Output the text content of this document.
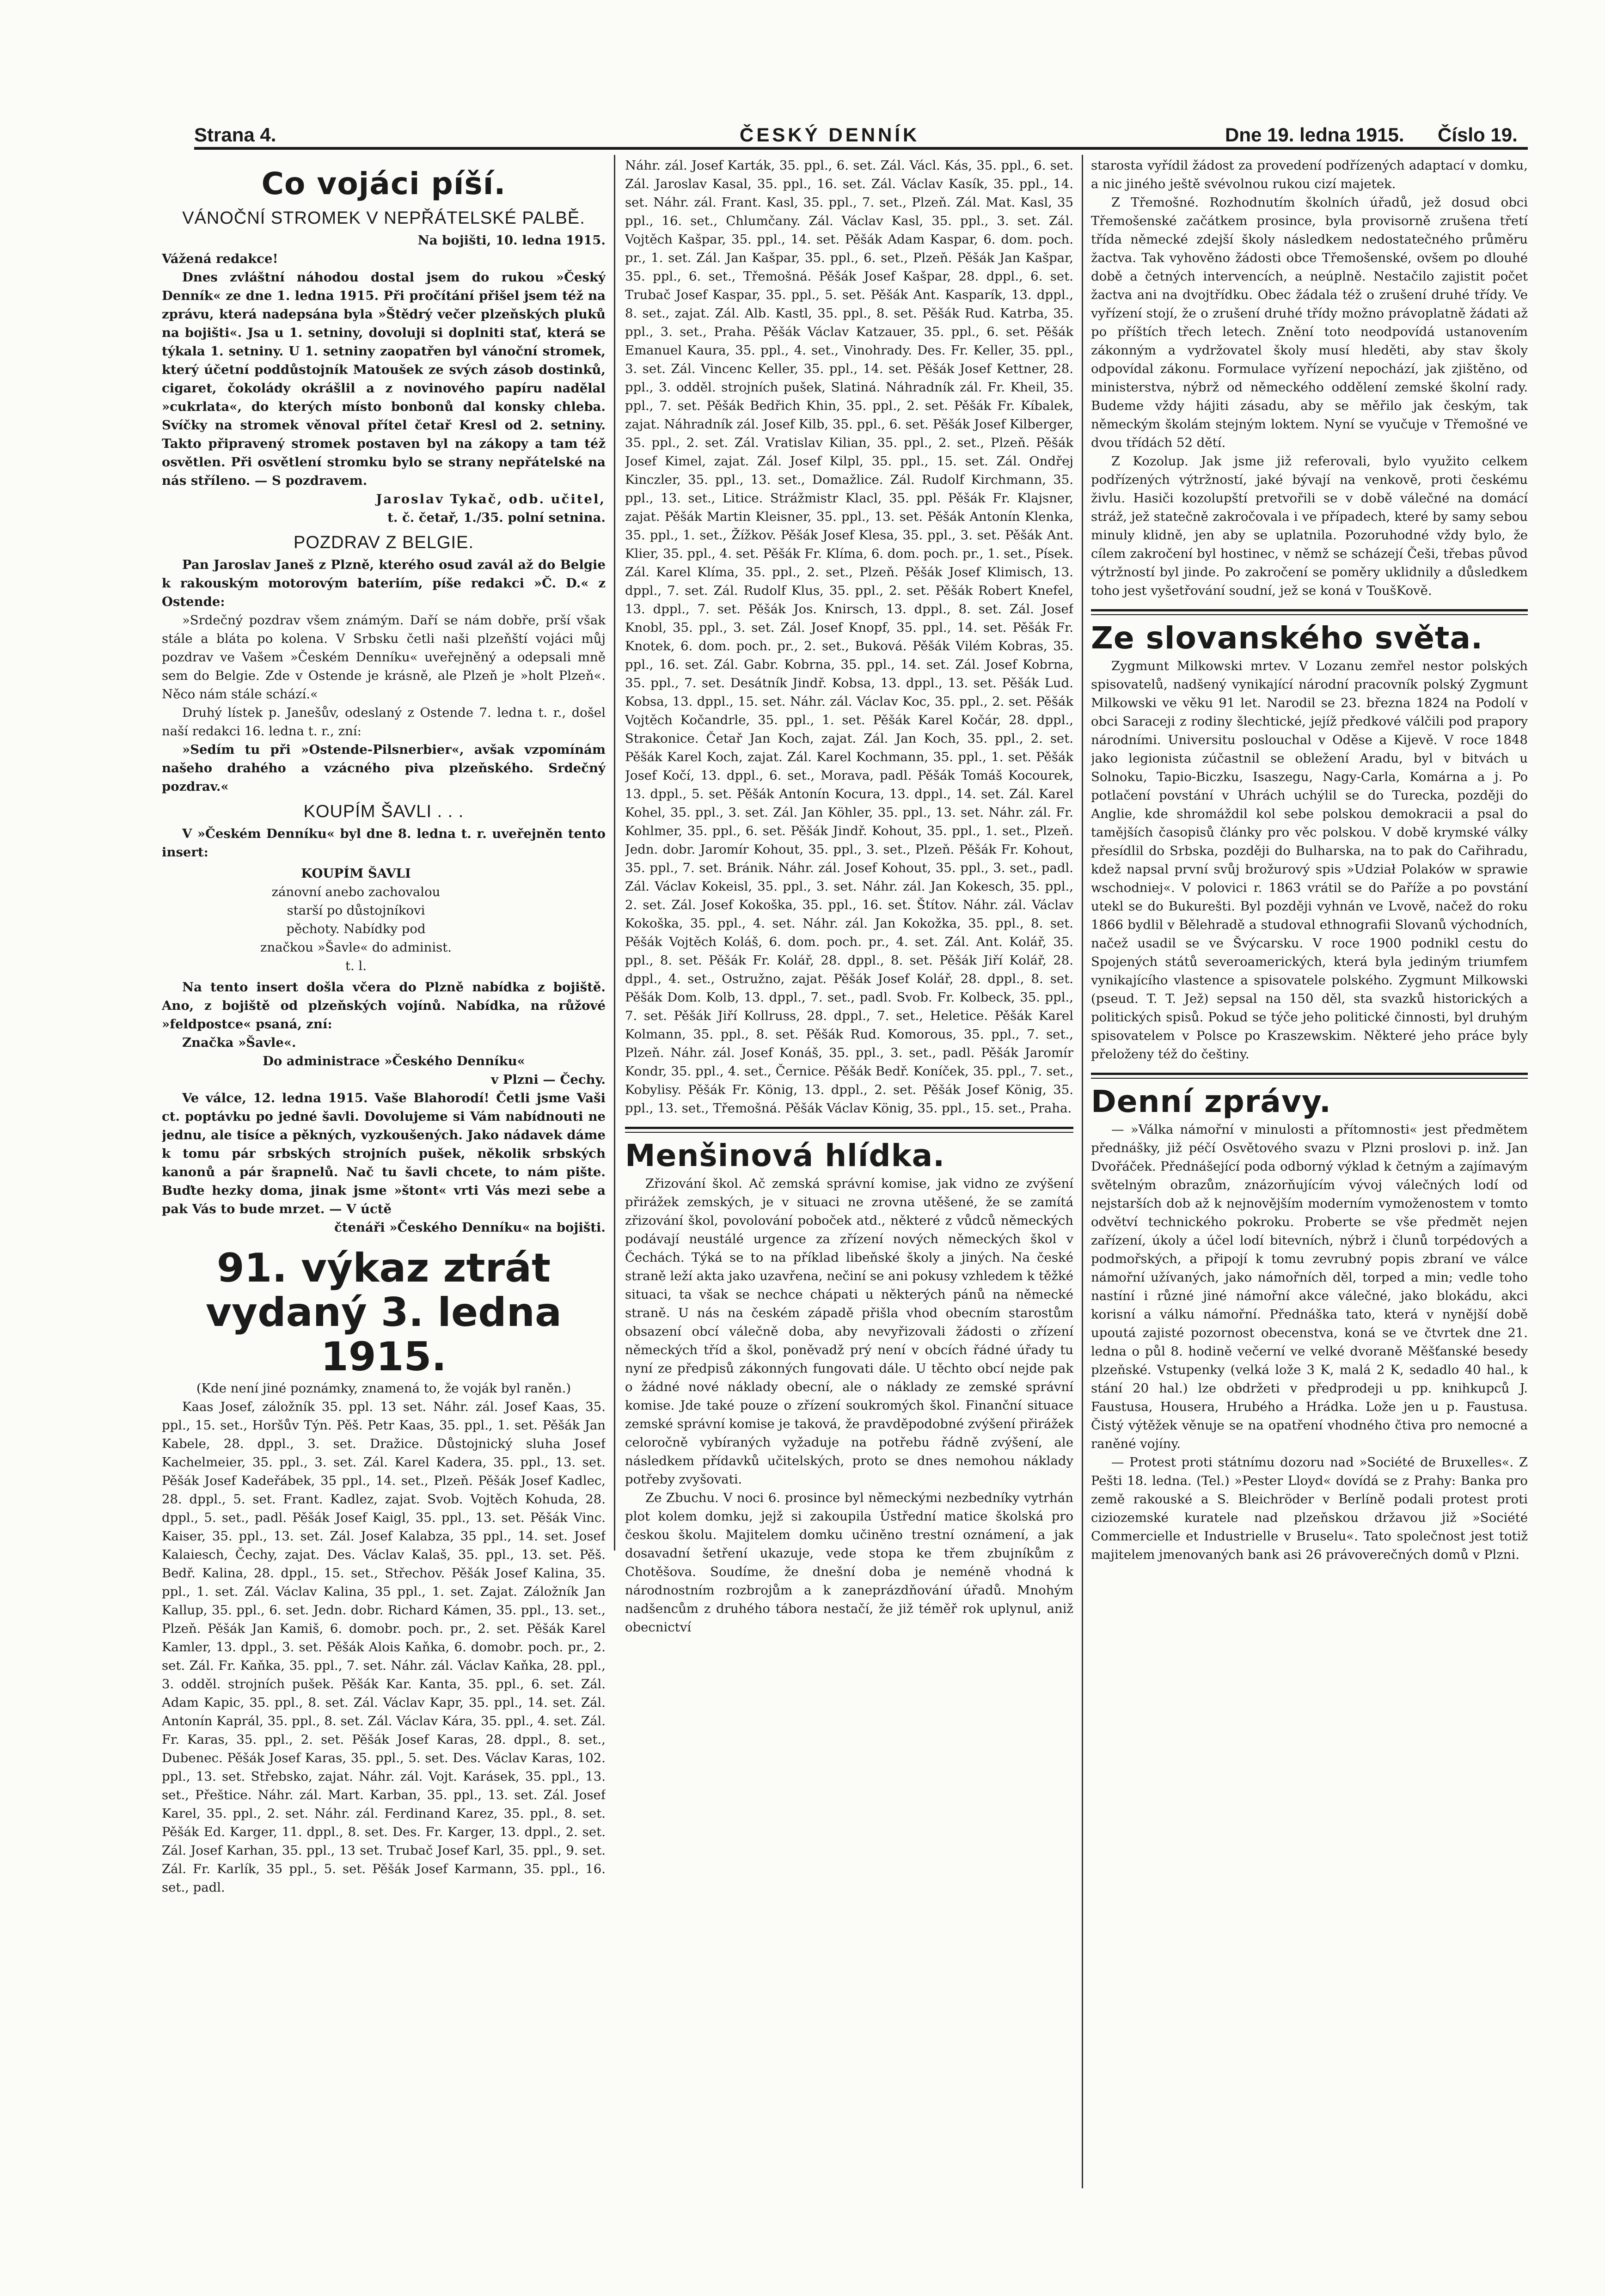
Strana 4.	ČESKÝ DENNÍK	Dne 19. ledna 1915. Číslo 19.
Co vojáci píší.
VÁNOČNÍ STROMEK V NEPŘÁTELSKÉ PALBĚ.

Na bojišti, 10. ledna 1915.

Vážená redakce!

Dnes zvláštní náhodou dostal jsem do rukou »Český Denník« ze dne 1. ledna 1915. Při pročítání přišel jsem též na zprávu, která nadepsána byla »Štědrý večer plzeňských pluků na bojišti«. Jsa u 1. setniny, dovoluji si doplniti stať, která se týkala 1. setniny. U 1. setniny zaopatřen byl vánoční stromek, který účetní poddůstojník Matoušek ze svých zásob dostinků, cigaret, čokolády okrášlil a z novinového papíru nadělal »cukrlata«, do kterých místo bonbonů dal konsky chleba. Svíčky na stromek věnoval přítel četař Kresl od 2. setniny. Takto připravený stromek postaven byl na zákopy a tam též osvětlen. Při osvětlení stromku bylo se strany nepřátelské na nás stříleno. — S pozdravem.

Jaroslav Tykač, odb. učitel,

t. č. četař, 1./35. polní setnina.

POZDRAV Z BELGIE.

Pan Jaroslav Janeš z Plzně, kterého osud zavál až do Belgie k rakouským motorovým bateriím, píše redakci »Č. D.« z Ostende:

»Srdečný pozdrav všem známým. Daří se nám dobře, prší však stále a bláta po kolena. V Srbsku četli naši plzeňští vojáci můj pozdrav ve Vašem »Českém Denníku« uveřejněný a odepsali mně sem do Belgie. Zde v Ostende je krásně, ale Plzeň je »holt Plzeň«. Něco nám stále schází.«

Druhý lístek p. Janešův, odeslaný z Ostende 7. ledna t. r., došel naší redakci 16. ledna t. r., zní:

»Sedím tu při »Ostende-Pilsnerbier«, avšak vzpomínám našeho drahého a vzácného piva plzeňského. Srdečný pozdrav.«

KOUPÍM ŠAVLI . . .

V »Českém Denníku« byl dne 8. ledna t. r. uveřejněn tento insert:

KOUPÍM ŠAVLI
zánovní anebo zachovalou starší po důstojníkovi pěchoty. Nabídky pod značkou »Šavle« do administ. t. l.

Na tento insert došla včera do Plzně nabídka z bojiště. Ano, z bojiště od plzeňských vojínů. Nabídka, na růžové »feldpostce« psaná, zní:

Značka »Šavle«.

Do administrace »Českého Denníku«

v Plzni — Čechy.

Ve válce, 12. ledna 1915. Vaše Blahorodí! Četli jsme Vaši ct. poptávku po jedné šavli. Dovolujeme si Vám nabídnouti ne jednu, ale tisíce a pěkných, vyzkoušených. Jako nádavek dáme k tomu pár srbských strojních pušek, několik srbských kanonů a pár šrapnelů. Nač tu šavli chcete, to nám pište. Buďte hezky doma, jinak jsme »štont« vrti Vás mezi sebe a pak Vás to bude mrzet. — V úctě

čtenáři »Českého Denníku« na bojišti.

91. výkaz ztrát vydaný 3. ledna 1915.

(Kde není jiné poznámky, znamená to, že voják byl raněn.)

Kaas Josef, záložník 35. ppl. 13 set. Náhr. zál. Josef Kaas, 35. ppl., 15. set., Horšův Týn. Pěš. Petr Kaas, 35. ppl., 1. set. Pěšák Jan Kabele, 28. dppl., 3. set. Dražice. Důstojnický sluha Josef Kachelmeier, 35. ppl., 3. set. Zál. Karel Kadera, 35. ppl., 13. set. Pěšák Josef Kadeřábek, 35 ppl., 14. set., Plzeň. Pěšák Josef Kadlec, 28. dppl., 5. set. Frant. Kadlez, zajat. Svob. Vojtěch Kohuda, 28. dppl., 5. set., padl. Pěšák Josef Kaigl, 35. ppl., 13. set. Pěšák Vinc. Kaiser, 35. ppl., 13. set. Zál. Josef Kalabza, 35 ppl., 14. set. Josef Kalaiesch, Čechy, zajat. Des. Václav Kalaš, 35. ppl., 13. set. Pěš. Bedř. Kalina, 28. dppl., 15. set., Střechov. Pěšák Josef Kalina, 35. ppl., 1. set. Zál. Václav Kalina, 35 ppl., 1. set. Zajat. Záložník Jan Kallup, 35. ppl., 6. set. Jedn. dobr. Richard Kámen, 35. ppl., 13. set., Plzeň. Pěšák Jan Kamiš, 6. domobr. poch. pr., 2. set. Pěšák Karel Kamler, 13. dppl., 3. set. Pěšák Alois Kaňka, 6. domobr. poch. pr., 2. set. Zál. Fr. Kaňka, 35. ppl., 7. set. Náhr. zál. Václav Kaňka, 28. ppl., 3. odděl. strojních pušek. Pěšák Kar. Kanta, 35. ppl., 6. set. Zál. Adam Kapic, 35. ppl., 8. set. Zál. Václav Kapr, 35. ppl., 14. set. Zál. Antonín Kaprál, 35. ppl., 8. set. Zál. Václav Kára, 35. ppl., 4. set. Zál. Fr. Karas, 35. ppl., 2. set. Pěšák Josef Karas, 28. dppl., 8. set., Dubenec. Pěšák Josef Karas, 35. ppl., 5. set. Des. Václav Karas, 102. ppl., 13. set. Střebsko, zajat. Náhr. zál. Vojt. Karásek, 35. ppl., 13. set., Přeštice. Náhr. zál. Mart. Karban, 35. ppl., 13. set. Zál. Josef Karel, 35. ppl., 2. set. Náhr. zál. Ferdinand Karez, 35. ppl., 8. set. Pěšák Ed. Karger, 11. dppl., 8. set. Des. Fr. Karger, 13. dppl., 2. set. Zál. Josef Karhan, 35. ppl., 13 set. Trubač Josef Karl, 35. ppl., 9. set. Zál. Fr. Karlík, 35 ppl., 5. set. Pěšák Josef Karmann, 35. ppl., 16. set., padl.

Náhr. zál. Josef Karták, 35. ppl., 6. set. Zál. Václ. Kás, 35. ppl., 6. set. Zál. Jaroslav Kasal, 35. ppl., 16. set. Zál. Václav Kasík, 35. ppl., 14. set. Náhr. zál. Frant. Kasl, 35. ppl., 7. set., Plzeň. Zál. Mat. Kasl, 35 ppl., 16. set., Chlumčany. Zál. Václav Kasl, 35. ppl., 3. set. Zál. Vojtěch Kašpar, 35. ppl., 14. set. Pěšák Adam Kaspar, 6. dom. poch. pr., 1. set. Zál. Jan Kašpar, 35. ppl., 6. set., Plzeň. Pěšák Jan Kašpar, 35. ppl., 6. set., Třemošná. Pěšák Josef Kašpar, 28. dppl., 6. set. Trubač Josef Kaspar, 35. ppl., 5. set. Pěšák Ant. Kasparík, 13. dppl., 8. set., zajat. Zál. Alb. Kastl, 35. ppl., 8. set. Pěšák Rud. Katrba, 35. ppl., 3. set., Praha. Pěšák Václav Katzauer, 35. ppl., 6. set. Pěšák Emanuel Kaura, 35. ppl., 4. set., Vinohrady. Des. Fr. Keller, 35. ppl., 3. set. Zál. Vincenc Keller, 35. ppl., 14. set. Pěšák Josef Kettner, 28. ppl., 3. odděl. strojních pušek, Slatiná. Náhradník zál. Fr. Kheil, 35. ppl., 7. set. Pěšák Bedřich Khin, 35. ppl., 2. set. Pěšák Fr. Kíbalek, zajat. Náhradník zál. Josef Kilb, 35. ppl., 6. set. Pěšák Josef Kilberger, 35. ppl., 2. set. Zál. Vratislav Kilian, 35. ppl., 2. set., Plzeň. Pěšák Josef Kimel, zajat. Zál. Josef Kilpl, 35. ppl., 15. set. Zál. Ondřej Kinczler, 35. ppl., 13. set., Domažlice. Zál. Rudolf Kirchmann, 35. ppl., 13. set., Litice. Strážmistr Klacl, 35. ppl. Pěšák Fr. Klajsner, zajat. Pěšák Martin Kleisner, 35. ppl., 13. set. Pěšák Antonín Klenka, 35. ppl., 1. set., Žížkov. Pěšák Josef Klesa, 35. ppl., 3. set. Pěšák Ant. Klier, 35. ppl., 4. set. Pěšák Fr. Klíma, 6. dom. poch. pr., 1. set., Písek. Zál. Karel Klíma, 35. ppl., 2. set., Plzeň. Pěšák Josef Klimisch, 13. dppl., 7. set. Zál. Rudolf Klus, 35. ppl., 2. set. Pěšák Robert Knefel, 13. dppl., 7. set. Pěšák Jos. Knirsch, 13. dppl., 8. set. Zál. Josef Knobl, 35. ppl., 3. set. Zál. Josef Knopf, 35. ppl., 14. set. Pěšák Fr. Knotek, 6. dom. poch. pr., 2. set., Buková. Pěšák Vilém Kobras, 35. ppl., 16. set. Zál. Gabr. Kobrna, 35. ppl., 14. set. Zál. Josef Kobrna, 35. ppl., 7. set. Desátník Jindř. Kobsa, 13. dppl., 13. set. Pěšák Lud. Kobsa, 13. dppl., 15. set. Náhr. zál. Václav Koc, 35. ppl., 2. set. Pěšák Vojtěch Kočandrle, 35. ppl., 1. set. Pěšák Karel Kočár, 28. dppl., Strakonice. Četař Jan Koch, zajat. Zál. Jan Koch, 35. ppl., 2. set. Pěšák Karel Koch, zajat. Zál. Karel Kochmann, 35. ppl., 1. set. Pěšák Josef Kočí, 13. dppl., 6. set., Morava, padl. Pěšák Tomáš Kocourek, 13. dppl., 5. set. Pěšák Antonín Kocura, 13. dppl., 14. set. Zál. Karel Kohel, 35. ppl., 3. set. Zál. Jan Köhler, 35. ppl., 13. set. Náhr. zál. Fr. Kohlmer, 35. ppl., 6. set. Pěšák Jindř. Kohout, 35. ppl., 1. set., Plzeň. Jedn. dobr. Jaromír Kohout, 35. ppl., 3. set., Plzeň. Pěšák Fr. Kohout, 35. ppl., 7. set. Bránik. Náhr. zál. Josef Kohout, 35. ppl., 3. set., padl. Zál. Václav Kokeisl, 35. ppl., 3. set. Náhr. zál. Jan Kokesch, 35. ppl., 2. set. Zál. Josef Kokoška, 35. ppl., 16. set. Štítov. Náhr. zál. Václav Kokoška, 35. ppl., 4. set. Náhr. zál. Jan Kokožka, 35. ppl., 8. set. Pěšák Vojtěch Koláš, 6. dom. poch. pr., 4. set. Zál. Ant. Kolář, 35. ppl., 8. set. Pěšák Fr. Kolář, 28. dppl., 8. set. Pěšák Jiří Kolář, 28. dppl., 4. set., Ostružno, zajat. Pěšák Josef Kolář, 28. dppl., 8. set. Pěšák Dom. Kolb, 13. dppl., 7. set., padl. Svob. Fr. Kolbeck, 35. ppl., 7. set. Pěšák Jiří Kollruss, 28. dppl., 7. set., Heletice. Pěšák Karel Kolmann, 35. ppl., 8. set. Pěšák Rud. Komorous, 35. ppl., 7. set., Plzeň. Náhr. zál. Josef Konáš, 35. ppl., 3. set., padl. Pěšák Jaromír Kondr, 35. ppl., 4. set., Černice. Pěšák Bedř. Koníček, 35. ppl., 7. set., Kobylisy. Pěšák Fr. König, 13. dppl., 2. set. Pěšák Josef König, 35. ppl., 13. set., Třemošná. Pěšák Václav König, 35. ppl., 15. set., Praha.

Menšinová hlídka.

Zřizování škol. Ač zemská správní komise, jak vidno ze zvýšení přirážek zemských, je v situaci ne zrovna utěšené, že se zamítá zřizování škol, povolování poboček atd., některé z vůdců německých podávají neustálé urgence za zřízení nových německých škol v Čechách. Týká se to na příklad libeňské školy a jiných. Na české straně leží akta jako uzavřena, nečiní se ani pokusy vzhledem k těžké situaci, ta však se nechce chápati u některých pánů na německé straně. U nás na českém západě přišla vhod obecním starostům obsazení obcí válečně doba, aby nevyřizovali žádosti o zřízení německých tříd a škol, poněvadž prý není v obcích řádné úřady tu nyní ze předpisů zákonných fungovati dále. U těchto obcí nejde pak o žádné nové náklady obecní, ale o náklady ze zemské správní komise. Jde také pouze o zřízení soukromých škol. Finanční situace zemské správní komise je taková, že pravděpodobné zvýšení přirážek celoročně vybíraných vyžaduje na potřebu řádně zvýšení, ale následkem přídavků učitelských, proto se dnes nemohou náklady potřeby zvyšovati.

Ze Zbuchu. V noci 6. prosince byl německými nezbedníky vytrhán plot kolem domku, jejž si zakoupila Ústřední matice školská pro českou školu. Majitelem domku učiněno trestní oznámení, a jak dosavadní šetření ukazuje, vede stopa ke třem zbujníkům z Chotěšova. Soudíme, že dnešní doba je neméně vhodná k národnostním rozbrojům a k zaneprázdňování úřadů. Mnohým nadšencům z druhého tábora nestačí, že již téměř rok uplynul, aniž obecnictví

starosta vyřídil žádost za provedení podřízených adaptací v domku, a nic jiného ještě svévolnou rukou cizí majetek.

Z Třemošné. Rozhodnutím školních úřadů, jež dosud obci Třemošenské začátkem prosince, byla provisorně zrušena třetí třída německé zdejší školy následkem nedostatečného průměru žactva. Tak vyhověno žádosti obce Třemošenské, ovšem po dlouhé době a četných intervencích, a neúplně. Nestačilo zajistit počet žactva ani na dvojtřídku. Obec žádala též o zrušení druhé třídy. Ve vyřízení stojí, že o zrušení druhé třídy možno právoplatně žádati až po příštích třech letech. Znění toto neodpovídá ustanovením zákonným a vydržovatel školy musí hleděti, aby stav školy odpovídal zákonu. Formulace vyřízení nepochází, jak zjištěno, od ministerstva, nýbrž od německého oddělení zemské školní rady. Budeme vždy hájiti zásadu, aby se měřilo jak českým, tak německým školám stejným loktem. Nyní se vyučuje v Třemošné ve dvou třídách 52 dětí.

Z Kozolup. Jak jsme již referovali, bylo využito celkem podřízených výtržností, jaké bývají na venkově, proti českému živlu. Hasiči kozolupští pretvořili se v době válečné na domácí stráž, jež statečně zakročovala i ve případech, které by samy sebou minuly klidně, jen aby se uplatnila. Pozoruhodné vždy bylo, že cílem zakročení byl hostinec, v němž se scházejí Češi, třebas původ výtržností byl jinde. Po zakročení se poměry uklidnily a důsledkem toho jest vyšetřování soudní, jež se koná v ToušKově.

Ze slovanského světa.

Zygmunt Milkowski mrtev. V Lozanu zemřel nestor polských spisovatelů, nadšený vynikající národní pracovník polský Zygmunt Milkowski ve věku 91 let. Narodil se 23. března 1824 na Podolí v obci Saraceji z rodiny šlechtické, jejíž předkové válčili pod prapory národními. Universitu poslouchal v Oděse a Kijevě. V roce 1848 jako legionista zúčastnil se obležení Aradu, byl v bitvách u Solnoku, Tapio-Biczku, Isaszegu, Nagy-Carla, Komárna a j. Po potlačení povstání v Uhrách uchýlil se do Turecka, později do Anglie, kde shromáždil kol sebe polskou demokracii a psal do tamějších časopisů články pro věc polskou. V době krymské války přesídlil do Srbska, později do Bulharska, na to pak do Cařihradu, kdež napsal první svůj brožurový spis »Udział Polaków w sprawie wschodniej«. V polovici r. 1863 vrátil se do Paříže a po povstání utekl se do Bukurešti. Byl později vyhnán ve Lvově, načež do roku 1866 bydlil v Bělehradě a studoval ethnografii Slovanů východních, načež usadil se ve Švýcarsku. V roce 1900 podnikl cestu do Spojených států severoamerických, která byla jediným triumfem vynikajícího vlastence a spisovatele polského. Zygmunt Milkowski (pseud. T. T. Jež) sepsal na 150 děl, sta svazků historických a politických spisů. Pokud se týče jeho politické činnosti, byl druhým spisovatelem v Polsce po Kraszewskim. Některé jeho práce byly přeloženy též do češtiny.

Denní zprávy.

— »Válka námořní v minulosti a přítomnosti« jest předmětem přednášky, již péčí Osvětového svazu v Plzni proslovi p. inž. Jan Dvořáček. Přednášející poda odborný výklad k četným a zajímavým světelným obrazům, znázorňujícím vývoj válečných lodí od nejstarších dob až k nejnovějším moderním vymoženostem v tomto odvětví technického pokroku. Proberte se vše předmět nejen zařízení, úkoly a účel lodí bitevních, nýbrž i člunů torpédových a podmořských, a připojí k tomu zevrubný popis zbraní ve válce námořní užívaných, jako námořních děl, torped a min; vedle toho nastíní i různé jiné námořní akce válečné, jako blokádu, akci korisní a válku námořní. Přednáška tato, která v nynější době upoutá zajisté pozornost obecenstva, koná se ve čtvrtek dne 21. ledna o půl 8. hodině večerní ve velké dvoraně Měšťanské besedy plzeňské. Vstupenky (velká lože 3 K, malá 2 K, sedadlo 40 hal., k stání 20 hal.) lze obdržeti v předprodeji u pp. knihkupců J. Faustusa, Housera, Hrubého a Hrádka. Lože jen u p. Faustusa. Čistý výtěžek věnuje se na opatření vhodného čtiva pro nemocné a raněné vojíny.

— Protest proti státnímu dozoru nad »Société de Bruxelles«. Z Pešti 18. ledna. (Tel.) »Pester Lloyd« dovídá se z Prahy: Banka pro země rakouské a S. Bleichröder v Berlíně podali protest proti ciziozemské kuratele nad plzeňskou državou již »Société Commercielle et Industrielle v Bruselu«. Tato společnost jest totiž majitelem jmenovaných bank asi 26 právoverečných domů v Plzni.
